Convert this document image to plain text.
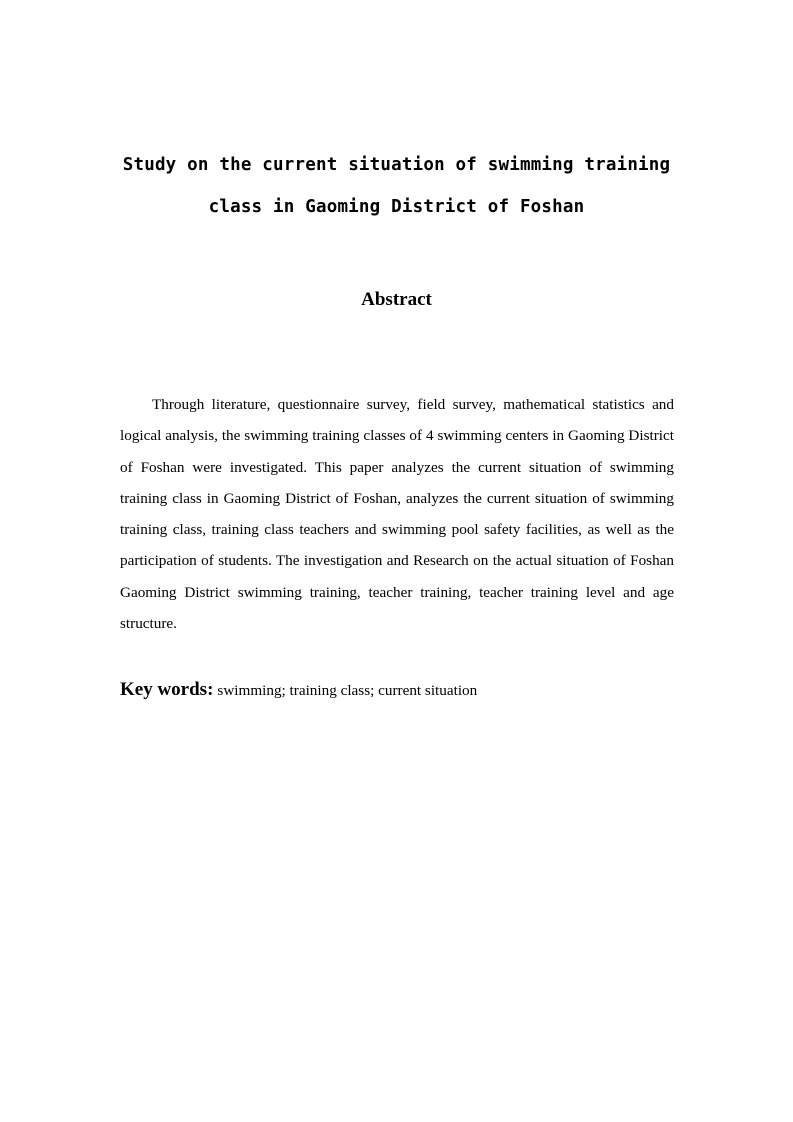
Study on the current situation of swimming training
class in Gaoming District of Foshan
Abstract

Through literature, questionnaire survey, field survey, mathematical statistics and logical analysis, the swimming training classes of 4 swimming centers in Gaoming District of Foshan were investigated. This paper analyzes the current situation of swimming training class in Gaoming District of Foshan, analyzes the current situation of swimming training class, training class teachers and swimming pool safety facilities, as well as the participation of students. The investigation and Research on the actual situation of Foshan Gaoming District swimming training, teacher training, teacher training level and age structure.

Key words: swimming; training class; current situation
